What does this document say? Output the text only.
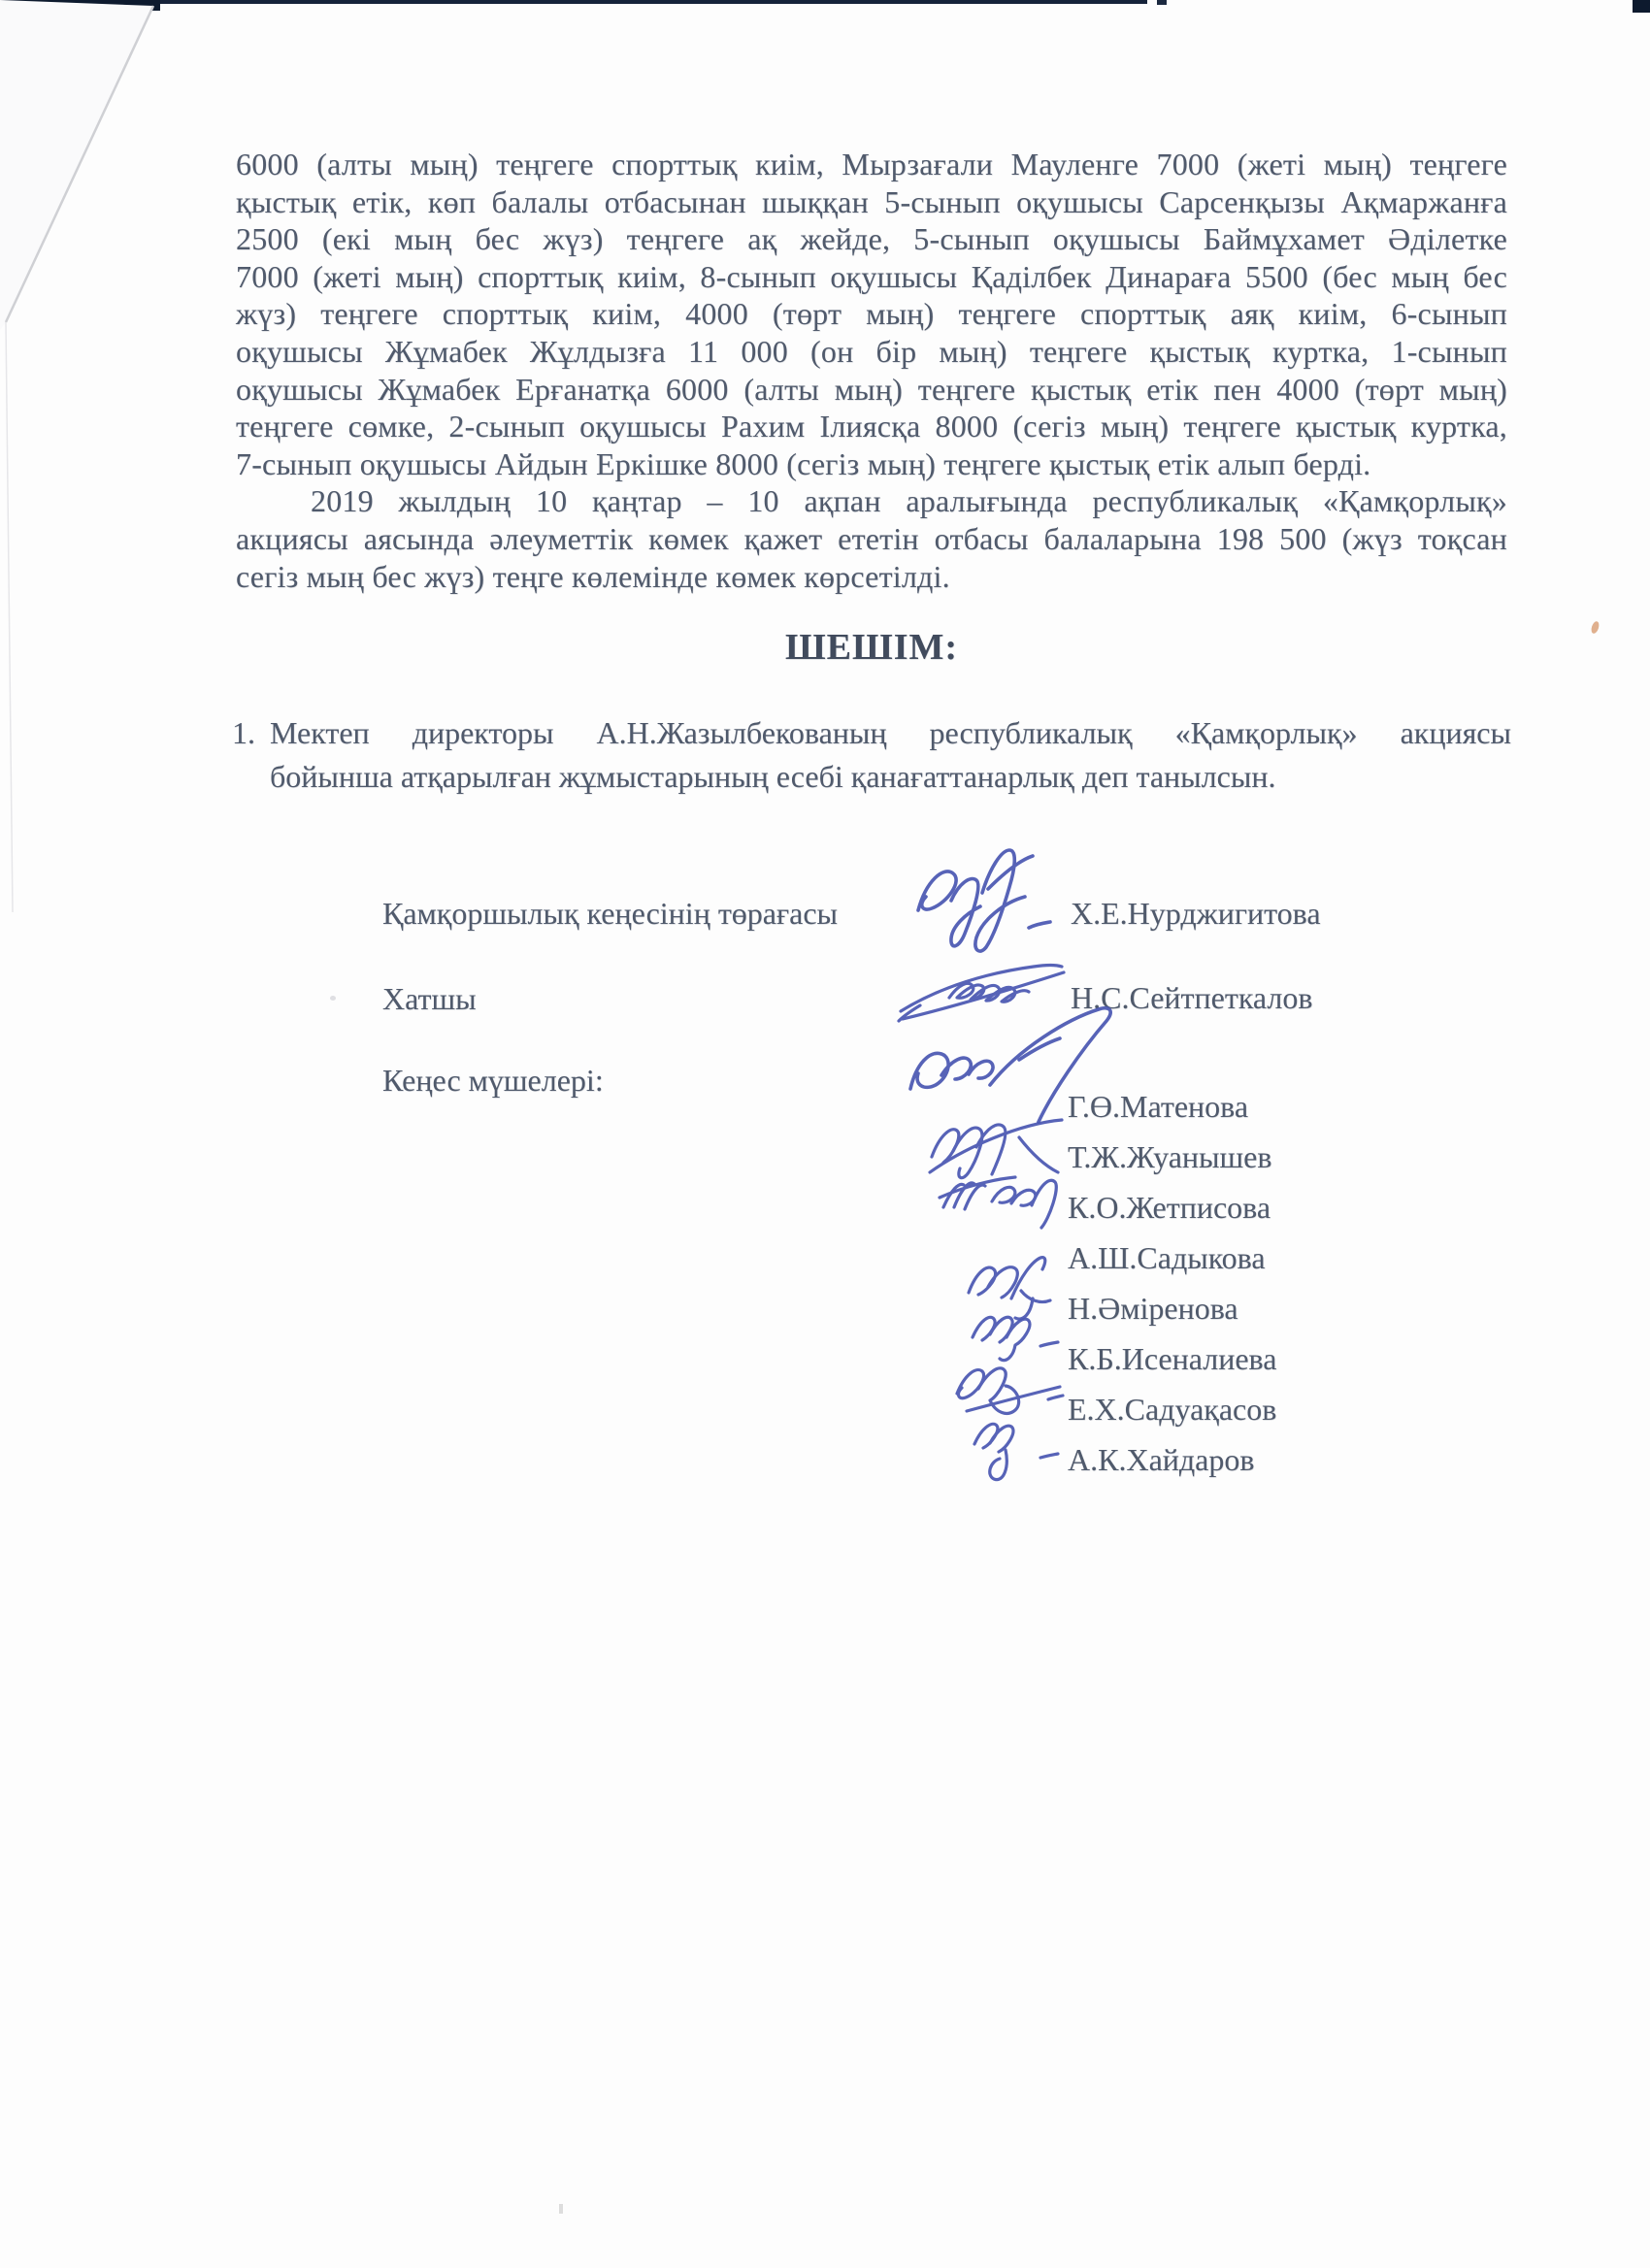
6000 (алты мың) теңгеге спорттық киім, Мырзағали Мауленге 7000 (жеті мың) теңгеге
қыстық етік, көп балалы отбасынан шыққан 5-сынып оқушысы Сарсенқызы Ақмаржанға
2500 (екі мың бес жүз) теңгеге ақ жейде, 5-сынып оқушысы Баймұхамет Әділетке
7000 (жеті мың) спорттық киім, 8-сынып оқушысы Қаділбек Динараға 5500 (бес мың бес
жүз) теңгеге спорттық киім, 4000 (төрт мың) теңгеге спорттық аяқ киім, 6-сынып
оқушысы Жұмабек Жұлдызға 11 000 (он бір мың) теңгеге қыстық куртка, 1-сынып
оқушысы Жұмабек Ерғанатқа 6000 (алты мың) теңгеге қыстық етік пен 4000 (төрт мың)
теңгеге сөмке, 2-сынып оқушысы Рахим Ілиясқа 8000 (сегіз мың) теңгеге қыстық куртка,
7-сынып оқушысы Айдын Еркішке 8000 (сегіз мың) теңгеге қыстық етік алып берді.
2019 жылдың 10 қаңтар – 10 ақпан аралығында республикалық «Қамқорлық»
акциясы аясында әлеуметтік көмек қажет ететін отбасы балаларына 198 500 (жүз тоқсан
сегіз мың бес жүз) теңге көлемінде көмек көрсетілді.
ШЕШІМ:
1. Мектеп директоры А.Н.Жазылбекованың республикалық «Қамқорлық» акциясы
бойынша атқарылған жұмыстарының есебі қанағаттанарлық деп танылсын.
Қамқоршылық кеңесінің төрағасы	Х.Е.Нурджигитова
Хатшы	Н.С.Сейтпеткалов
Кеңес мүшелері:
Г.Ө.Матенова
Т.Ж.Жуанышев
К.О.Жетписова
А.Ш.Садыкова
Н.Әміренова
К.Б.Исеналиева
Е.Х.Садуақасов
А.К.Хайдаров
